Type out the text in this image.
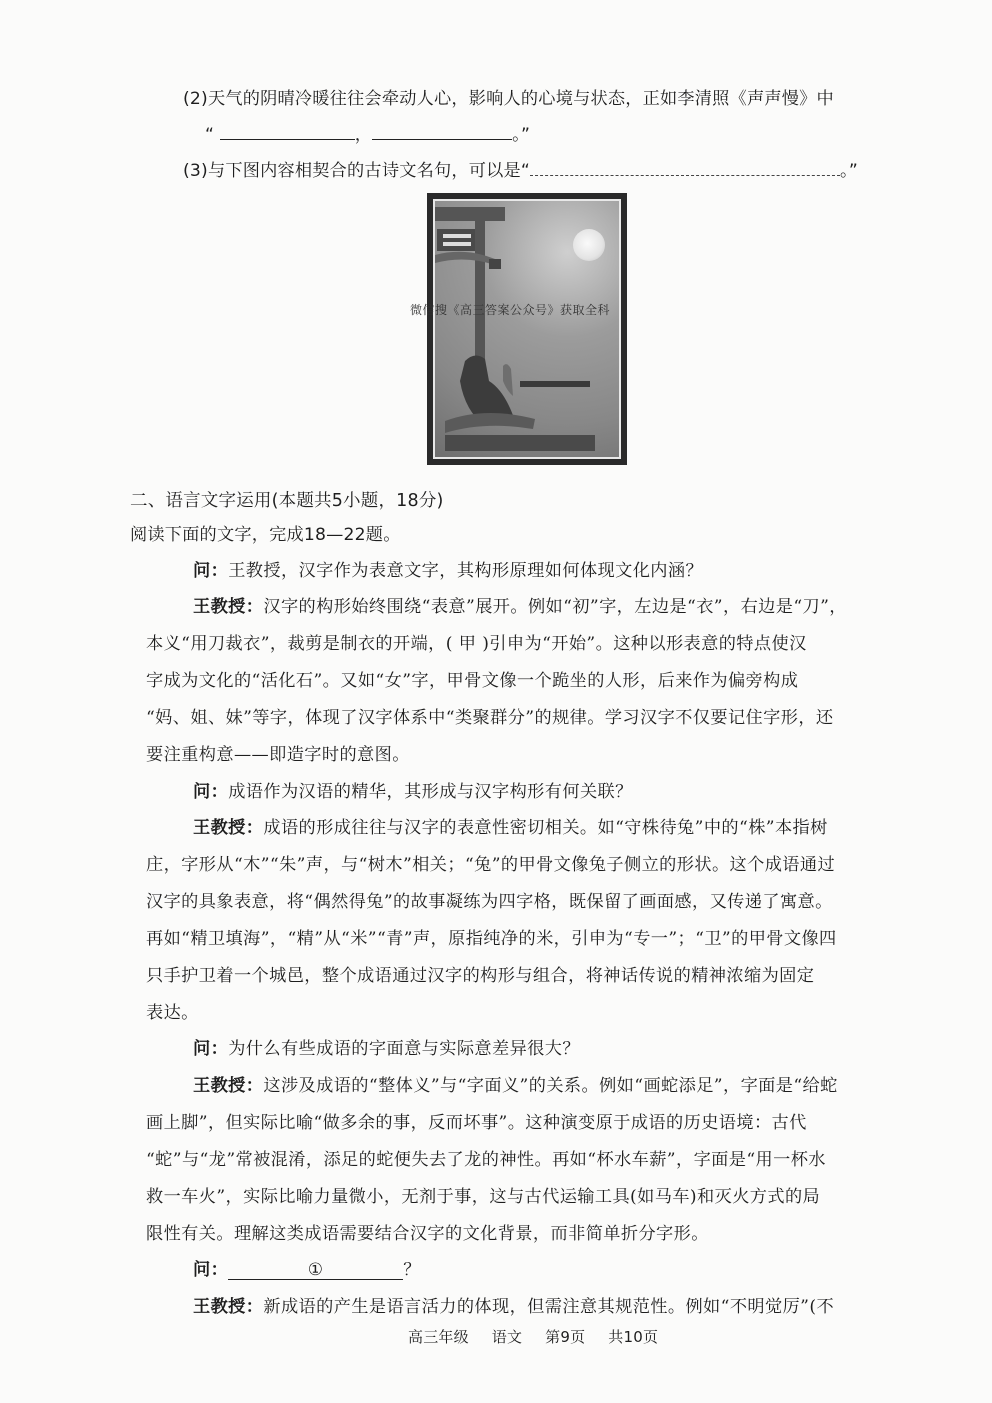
(2)天气的阴晴冷暖往往会牵动人心，影响人的心境与状态，正如李清照《声声慢》中
“	，	。”
(3)与下图内容相契合的古诗文名句，可以是“	。”
微信搜《高三答案公众号》获取全科
二、语言文字运用(本题共5小题，18分)
阅读下面的文字，完成18—22题。
问：王教授，汉字作为表意文字，其构形原理如何体现文化内涵？
王教授：汉字的构形始终围绕“表意”展开。例如“初”字，左边是“衣”，右边是“刀”，
本义“用刀裁衣”，裁剪是制衣的开端，( 甲 )引申为“开始”。这种以形表意的特点使汉
字成为文化的“活化石”。又如“女”字，甲骨文像一个跪坐的人形，后来作为偏旁构成
“妈、姐、妹”等字，体现了汉字体系中“类聚群分”的规律。学习汉字不仅要记住字形，还
要注重构意——即造字时的意图。
问：成语作为汉语的精华，其形成与汉字构形有何关联？
王教授：成语的形成往往与汉字的表意性密切相关。如“守株待兔”中的“株”本指树
庄，字形从“木”“朱”声，与“树木”相关；“兔”的甲骨文像兔子侧立的形状。这个成语通过
汉字的具象表意，将“偶然得兔”的故事凝练为四字格，既保留了画面感，又传递了寓意。
再如“精卫填海”，“精”从“米”“青”声，原指纯净的米，引申为“专一”；“卫”的甲骨文像四
只手护卫着一个城邑，整个成语通过汉字的构形与组合，将神话传说的精神浓缩为固定
表达。
问：为什么有些成语的字面意与实际意差异很大？
王教授：这涉及成语的“整体义”与“字面义”的关系。例如“画蛇添足”，字面是“给蛇
画上脚”，但实际比喻“做多余的事，反而坏事”。这种演变原于成语的历史语境：古代
“蛇”与“龙”常被混淆，添足的蛇便失去了龙的神性。再如“杯水车薪”，字面是“用一杯水
救一车火”，实际比喻力量微小，无剂于事，这与古代运输工具(如马车)和灭火方式的局
限性有关。理解这类成语需要结合汉字的文化背景，而非简单折分字形。
问：	①	？
王教授：新成语的产生是语言活力的体现，但需注意其规范性。例如“不明觉厉”(不
高三年级 语文 第9页 共10页
